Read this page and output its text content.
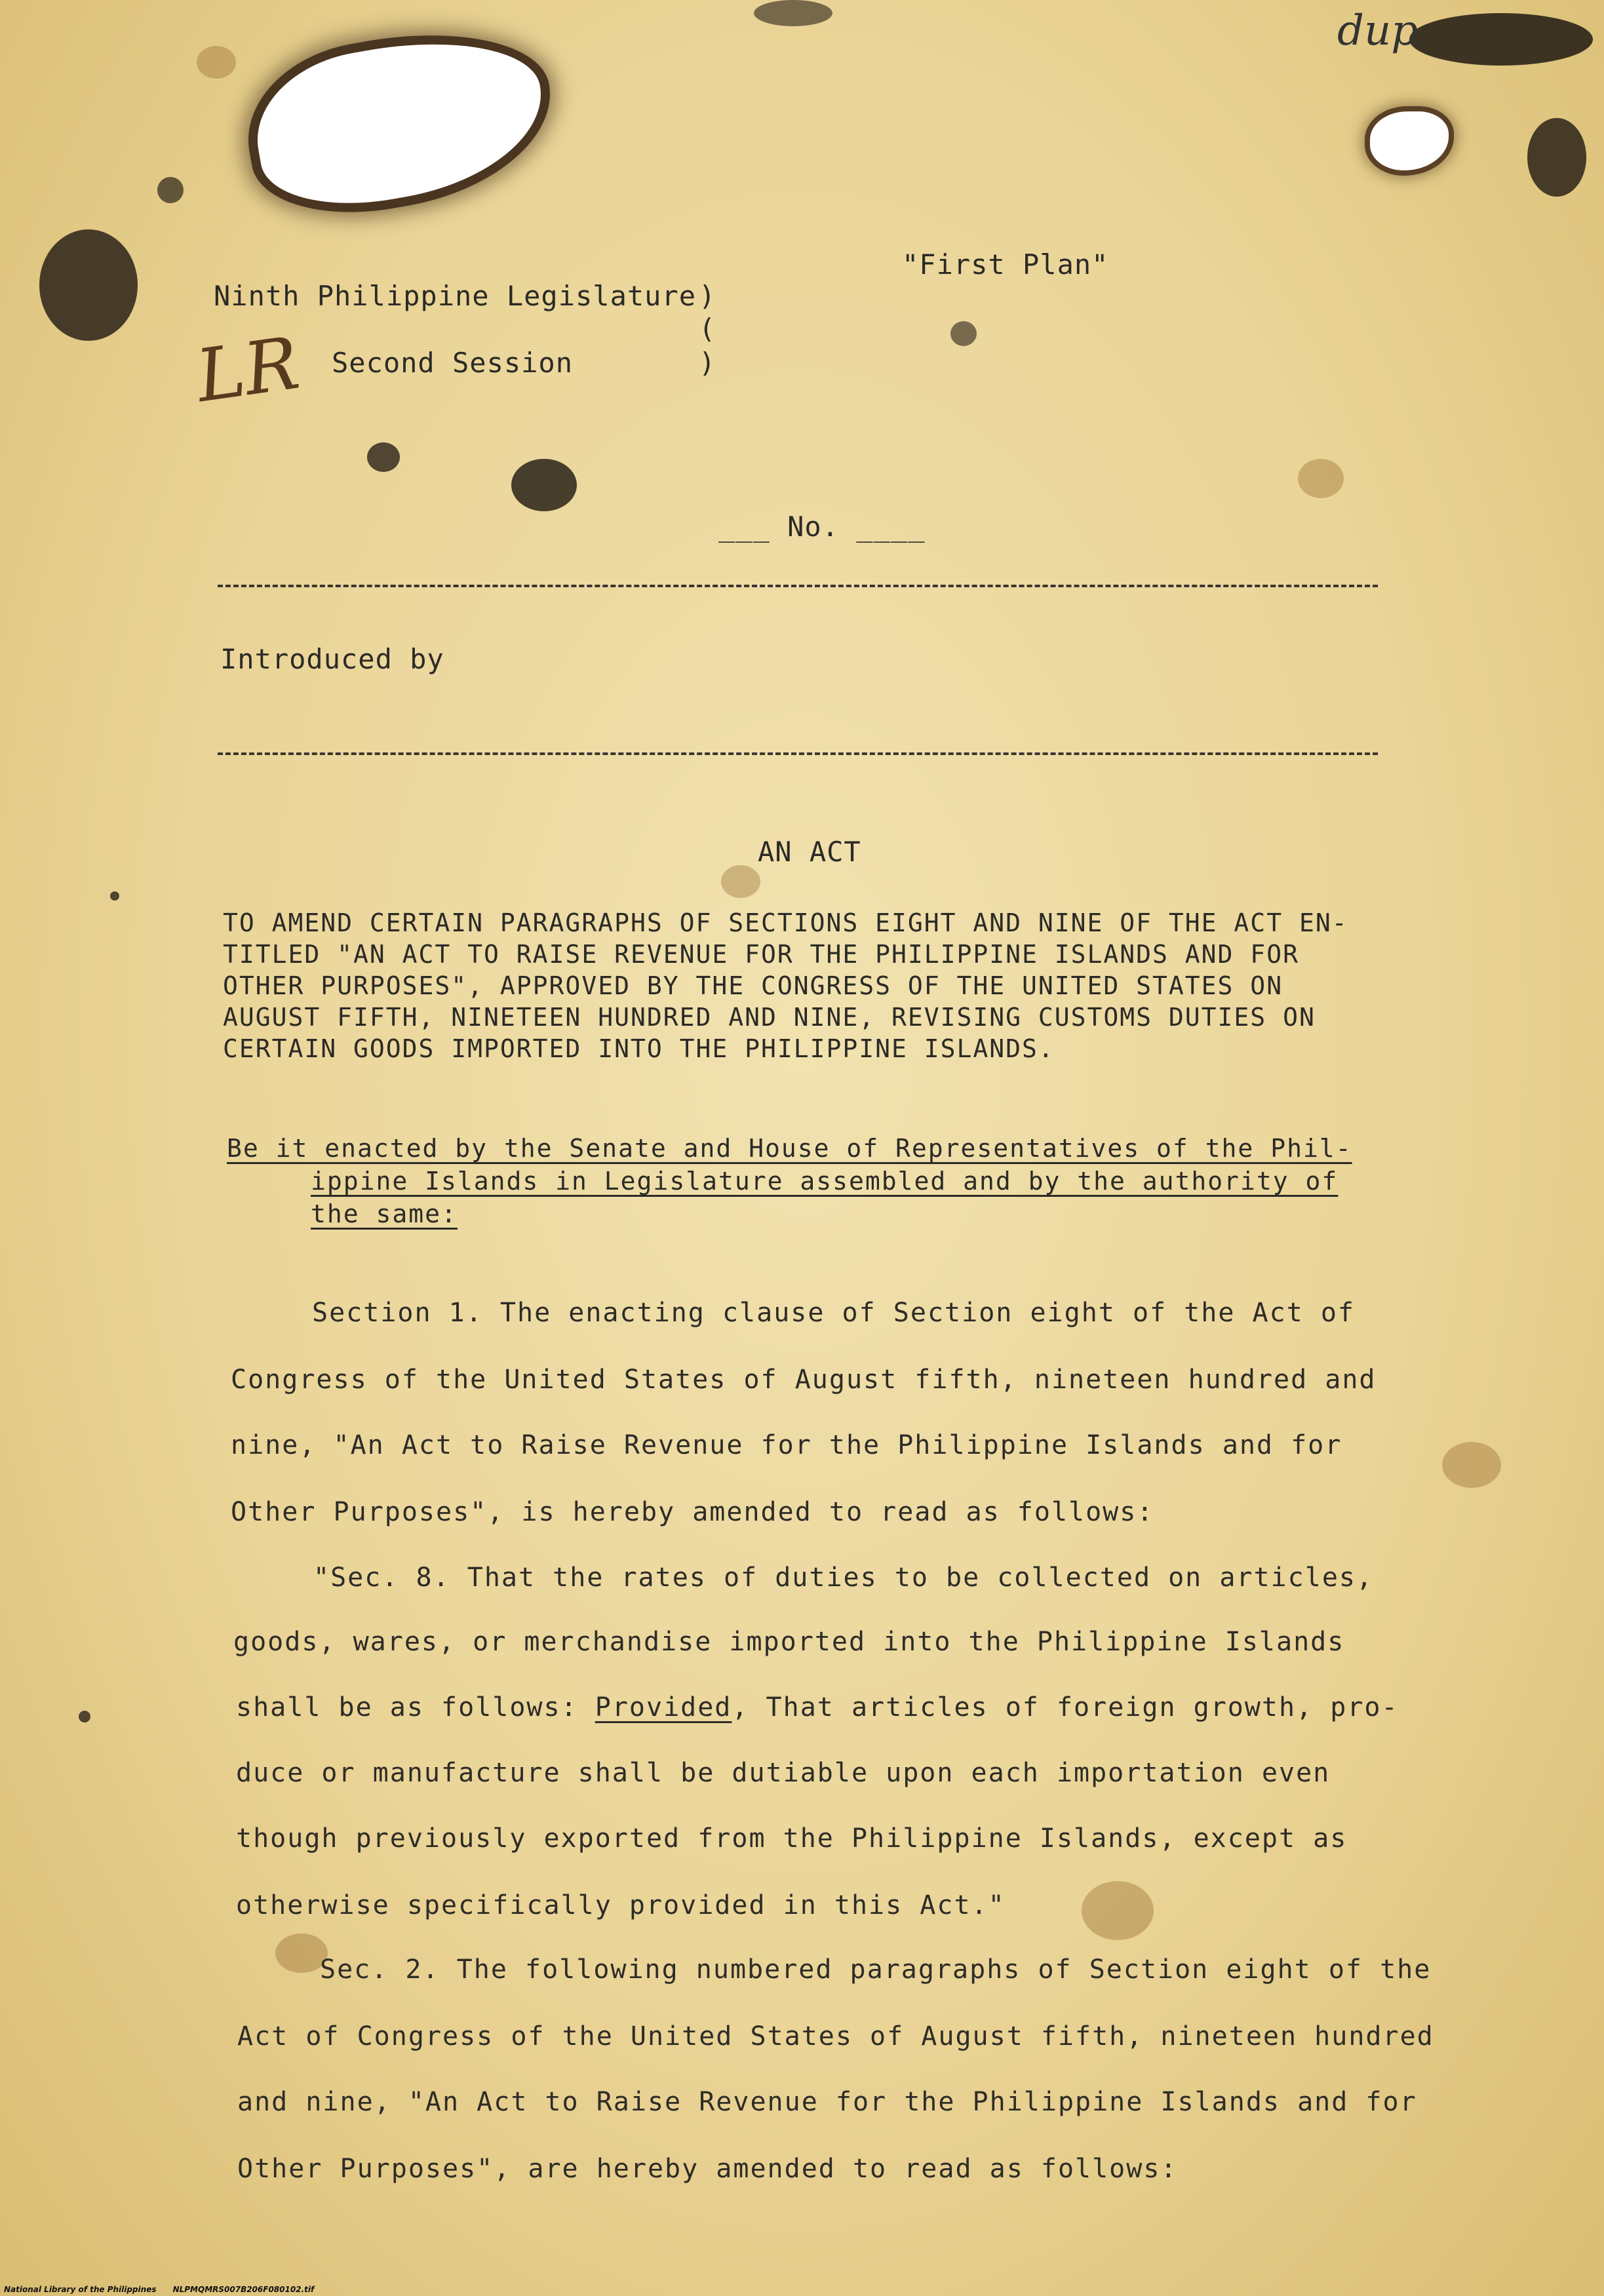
dup
LR
"First Plan"
Ninth Philippine Legislature )
(
Second Session	)
___ No. ____
Introduced by
AN ACT
TO AMEND CERTAIN PARAGRAPHS OF SECTIONS EIGHT AND NINE OF THE ACT EN-
TITLED "AN ACT TO RAISE REVENUE FOR THE PHILIPPINE ISLANDS AND FOR
OTHER PURPOSES", APPROVED BY THE CONGRESS OF THE UNITED STATES ON
AUGUST FIFTH, NINETEEN HUNDRED AND NINE, REVISING CUSTOMS DUTIES ON
CERTAIN GOODS IMPORTED INTO THE PHILIPPINE ISLANDS.
Be it enacted by the Senate and House of Representatives of the Phil-
ippine Islands in Legislature assembled and by the authority of
the same:
Section 1. The enacting clause of Section eight of the Act of
Congress of the United States of August fifth, nineteen hundred and
nine, "An Act to Raise Revenue for the Philippine Islands and for
Other Purposes", is hereby amended to read as follows:
"Sec. 8. That the rates of duties to be collected on articles,
goods, wares, or merchandise imported into the Philippine Islands
shall be as follows: Provided, That articles of foreign growth, pro-
duce or manufacture shall be dutiable upon each importation even
though previously exported from the Philippine Islands, except as
otherwise specifically provided in this Act."
Sec. 2. The following numbered paragraphs of Section eight of the
Act of Congress of the United States of August fifth, nineteen hundred
and nine, "An Act to Raise Revenue for the Philippine Islands and for
Other Purposes", are hereby amended to read as follows:
National Library of the Philippines NLPMQMRS007B206F080102.tif
